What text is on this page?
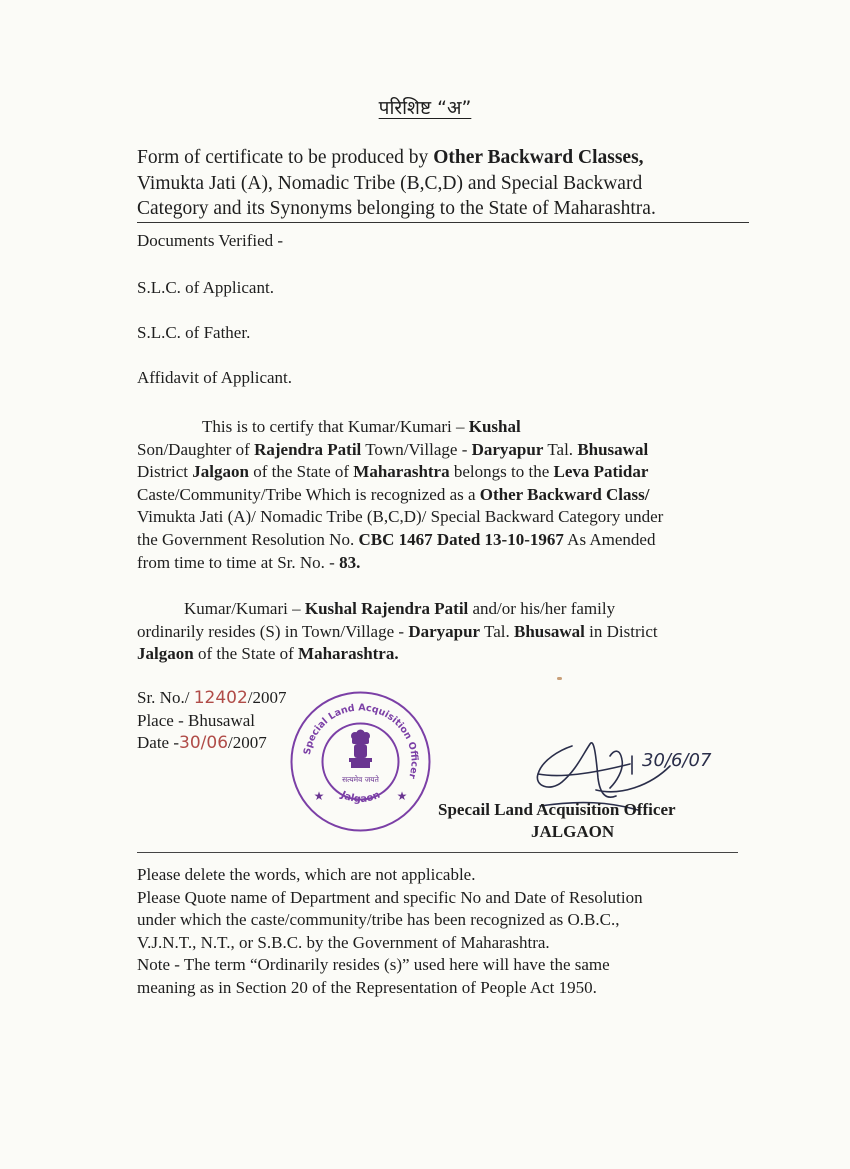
परिशिष्ट “अ”
Form of certificate to be produced by Other Backward Classes,
Vimukta Jati (A), Nomadic Tribe (B,C,D) and Special Backward
Category and its Synonyms belonging to the State of Maharashtra.
Documents Verified -
S.L.C. of Applicant.
S.L.C. of Father.
Affidavit of Applicant.
This is to certify that Kumar/Kumari – Kushal
Son/Daughter of Rajendra Patil Town/Village - Daryapur Tal. Bhusawal
District Jalgaon of the State of Maharashtra belongs to the Leva Patidar
Caste/Community/Tribe Which is recognized as a Other Backward Class/
Vimukta Jati (A)/ Nomadic Tribe (B,C,D)/ Special Backward Category under
the Government Resolution No. CBC 1467 Dated 13-10-1967 As Amended
from time to time at Sr. No. - 83.
Kumar/Kumari – Kushal Rajendra Patil and/or his/her family
ordinarily resides (S) in Town/Village - Daryapur Tal. Bhusawal in District
Jalgaon of the State of Maharashtra.
Sr. No./ 12402/2007
Place - Bhusawal
Date -30/06/2007	Special Land Acquisition Officer
सत्यमेव जयते
★	★
Jalgaon
30/6/07
Specail Land Acquisition Officer
JALGAON
Please delete the words, which are not applicable.
Please Quote name of Department and specific No and Date of Resolution
under which the caste/community/tribe has been recognized as O.B.C.,
V.J.N.T., N.T., or S.B.C. by the Government of Maharashtra.
Note - The term “Ordinarily resides (s)” used here will have the same
meaning as in Section 20 of the Representation of People Act 1950.
